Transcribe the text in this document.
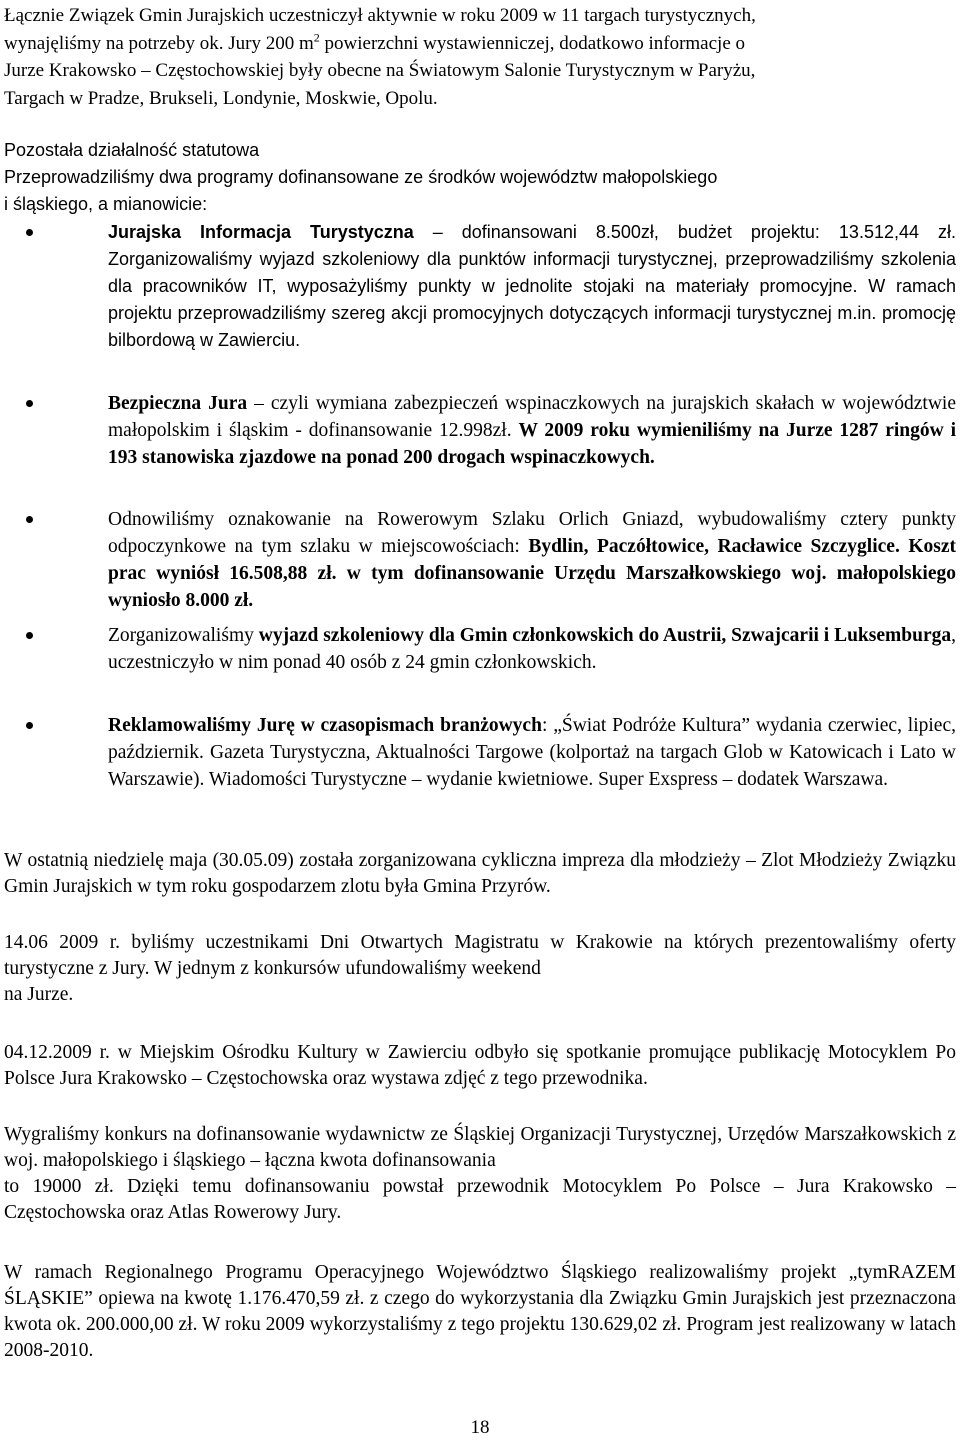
Łącznie Związek Gmin Jurajskich uczestniczył aktywnie w roku 2009 w 11 targach turystycznych,

wynajęliśmy na potrzeby ok. Jury 200 $m^2$ powierzchni wystawienniczej, dodatkowo informacje o

Jurze Krakowsko – Częstochowskiej były obecne na Światowym Salonie Turystycznym w Paryżu,

Targach w Pradze, Brukseli, Londynie, Moskwie, Opolu.

Pozostała działalność statutowa

Przeprowadziliśmy dwa programy dofinansowane ze środków województw małopolskiego

i śląskiego, a mianowicie:

Jurajska Informacja Turystyczna – dofinansowani 8.500zł, budżet projektu: 13.512,44 zł. Zorganizowaliśmy wyjazd szkoleniowy dla punktów informacji turystycznej, przeprowadziliśmy szkolenia dla pracowników IT, wyposażyliśmy punkty w jednolite stojaki na materiały promocyjne. W ramach projektu przeprowadziliśmy szereg akcji promocyjnych dotyczących informacji turystycznej m.in. promocję bilbordową w Zawierciu.
Bezpieczna Jura – czyli wymiana zabezpieczeń wspinaczkowych na jurajskich skałach w województwie małopolskim i śląskim - dofinansowanie 12.998zł. W 2009 roku wymieniliśmy na Jurze 1287 ringów i 193 stanowiska zjazdowe na ponad 200 drogach wspinaczkowych.
Odnowiliśmy oznakowanie na Rowerowym Szlaku Orlich Gniazd, wybudowaliśmy cztery punkty odpoczynkowe na tym szlaku w miejscowościach: Bydlin, Paczółtowice, Racławice Szczyglice. Koszt prac wyniósł 16.508,88 zł. w tym dofinansowanie Urzędu Marszałkowskiego woj. małopolskiego wyniosło 8.000 zł.
Zorganizowaliśmy wyjazd szkoleniowy dla Gmin członkowskich do Austrii, Szwajcarii i Luksemburga, uczestniczyło w nim ponad 40 osób z 24 gmin członkowskich.
Reklamowaliśmy Jurę w czasopismach branżowych: „Świat Podróże Kultura” wydania czerwiec, lipiec, październik. Gazeta Turystyczna, Aktualności Targowe (kolportaż na targach Glob w Katowicach i Lato w Warszawie). Wiadomości Turystyczne – wydanie kwietniowe. Super Exspress – dodatek Warszawa.

W ostatnią niedzielę maja (30.05.09) została zorganizowana cykliczna impreza dla młodzieży – Zlot Młodzieży Związku Gmin Jurajskich w tym roku gospodarzem zlotu była Gmina Przyrów.

14.06 2009 r. byliśmy uczestnikami Dni Otwartych Magistratu w Krakowie na których prezentowaliśmy oferty turystyczne z Jury. W jednym z konkursów ufundowaliśmy weekend

na Jurze.

04.12.2009 r. w Miejskim Ośrodku Kultury w Zawierciu odbyło się spotkanie promujące publikację Motocyklem Po Polsce Jura Krakowsko – Częstochowska oraz wystawa zdjęć z tego przewodnika.

Wygraliśmy konkurs na dofinansowanie wydawnictw ze Śląskiej Organizacji Turystycznej, Urzędów Marszałkowskich z woj. małopolskiego i śląskiego – łączna kwota dofinansowania

to 19000 zł. Dzięki temu dofinansowaniu powstał przewodnik Motocyklem Po Polsce – Jura Krakowsko – Częstochowska oraz Atlas Rowerowy Jury.

W ramach Regionalnego Programu Operacyjnego Województwo Śląskiego realizowaliśmy projekt „tymRAZEM ŚLĄSKIE” opiewa na kwotę 1.176.470,59 zł. z czego do wykorzystania dla Związku Gmin Jurajskich jest przeznaczona kwota ok. 200.000,00 zł. W roku 2009 wykorzystaliśmy z tego projektu 130.629,02 zł. Program jest realizowany w latach 2008-2010.

18
